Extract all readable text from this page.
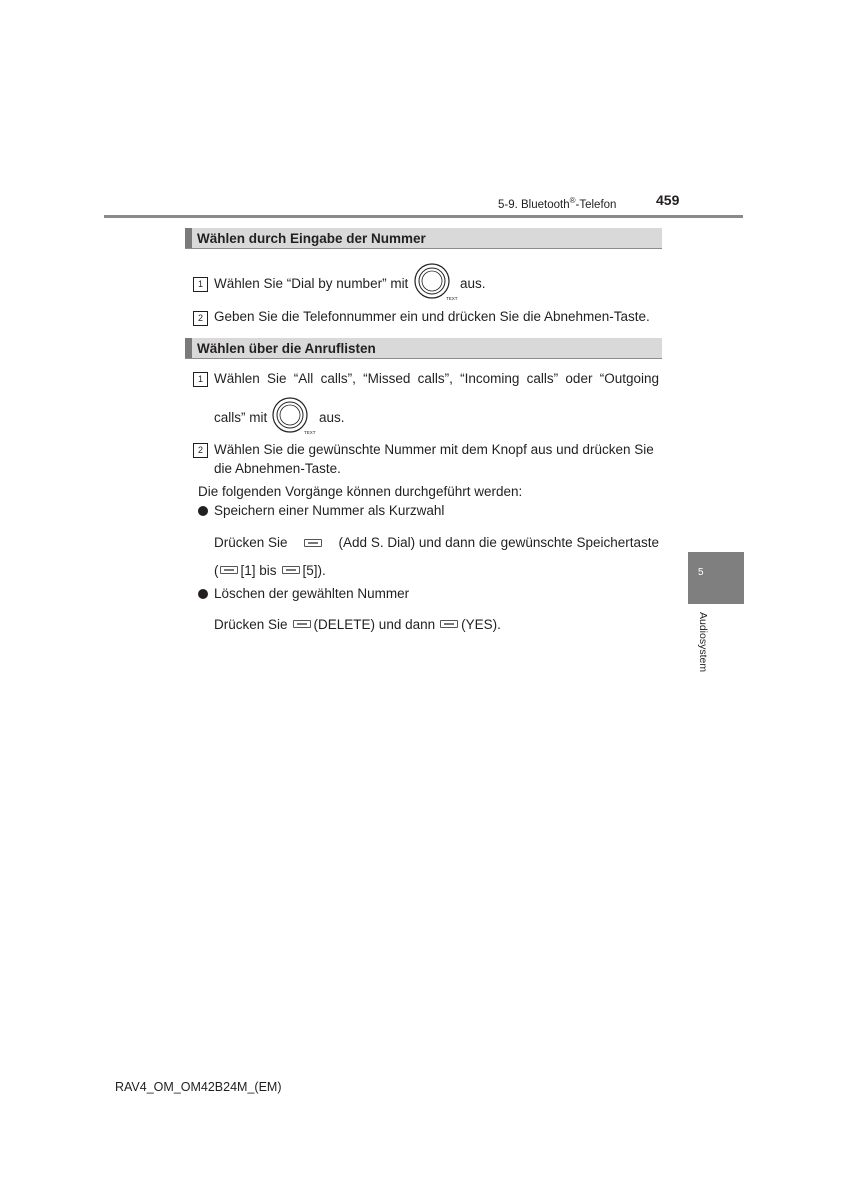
5-9. Bluetooth®-Telefon	459
Wählen durch Eingabe der Nummer
1 Wählen Sie “Dial by number” mit
TEXT
aus.
2 Geben Sie die Telefonnummer ein und drücken Sie die Abnehmen-Taste.
Wählen über die Anruflisten
1 Wählen Sie “All calls”, “Missed calls”, “Incoming calls” oder “Outgoing
calls” mit
TEXT
aus.
2 Wählen Sie die gewünschte Nummer mit dem Knopf aus und drücken Sie
die Abnehmen-Taste.
Die folgenden Vorgänge können durchgeführt werden:
Speichern einer Nummer als Kurzwahl
Drücken Sie	(Add S. Dial) und dann die gewünschte Speichertaste
( [1] bis [5]).
Löschen der gewählten Nummer
Drücken Sie (DELETE) und dann (YES).
5
Audiosystem
RAV4_OM_OM42B24M_(EM)
